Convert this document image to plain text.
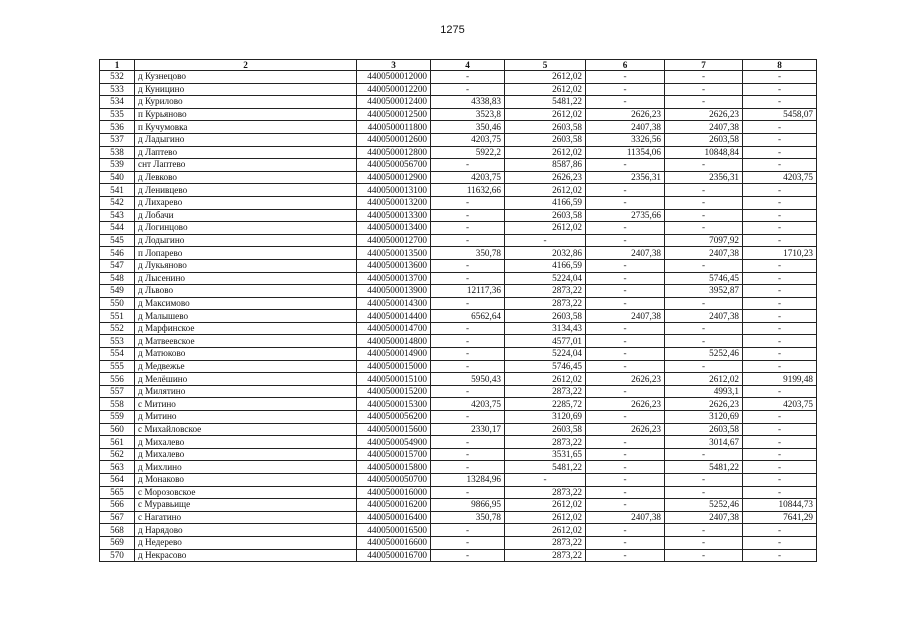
1275
1	2	3	4	5	6	7	8
532	д Кузнецово	4400500012000	-	2612,02	-	-	-
533	д Куницино	4400500012200	-	2612,02	-	-	-
534	д Курилово	4400500012400	4338,83	5481,22	-	-	-
535	п Курьяново	4400500012500	3523,8	2612,02	2626,23	2626,23	5458,07
536	п Кучумовка	4400500011800	350,46	2603,58	2407,38	2407,38	-
537	д Ладыгино	4400500012600	4203,75	2603,58	3326,56	2603,58	-
538	д Лаптево	4400500012800	5922,2	2612,02	11354,06	10848,84	-
539	снт Лаптево	4400500056700	-	8587,86	-	-	-
540	д Левково	4400500012900	4203,75	2626,23	2356,31	2356,31	4203,75
541	д Ленивцево	4400500013100	11632,66	2612,02	-	-	-
542	д Лихарево	4400500013200	-	4166,59	-	-	-
543	д Лобачи	4400500013300	-	2603,58	2735,66	-	-
544	д Логинцово	4400500013400	-	2612,02	-	-	-
545	д Лодыгино	4400500012700	-	-	-	7097,92	-
546	п Лопарево	4400500013500	350,78	2032,86	2407,38	2407,38	1710,23
547	д Лукьяново	4400500013600	-	4166,59	-	-	-
548	д Лысенино	4400500013700	-	5224,04	-	5746,45	-
549	д Львово	4400500013900	12117,36	2873,22	-	3952,87	-
550	д Максимово	4400500014300	-	2873,22	-	-	-
551	д Малышево	4400500014400	6562,64	2603,58	2407,38	2407,38	-
552	д Марфинское	4400500014700	-	3134,43	-	-	-
553	д Матвеевское	4400500014800	-	4577,01	-	-	-
554	д Матюково	4400500014900	-	5224,04	-	5252,46	-
555	д Медвежье	4400500015000	-	5746,45	-	-	-
556	д Мелёшино	4400500015100	5950,43	2612,02	2626,23	2612,02	9199,48
557	д Милятино	4400500015200	-	2873,22	-	4993,1	-
558	с Митино	4400500015300	4203,75	2285,72	2626,23	2626,23	4203,75
559	д Митино	4400500056200	-	3120,69	-	3120,69	-
560	с Михайловское	4400500015600	2330,17	2603,58	2626,23	2603,58	-
561	д Михалево	4400500054900	-	2873,22	-	3014,67	-
562	д Михалево	4400500015700	-	3531,65	-	-	-
563	д Михлино	4400500015800	-	5481,22	-	5481,22	-
564	д Монаково	4400500050700	13284,96	-	-	-	-
565	с Морозовское	4400500016000	-	2873,22	-	-	-
566	с Муравьище	4400500016200	9866,95	2612,02	-	5252,46	10844,73
567	с Нагатино	4400500016400	350,78	2612,02	2407,38	2407,38	7641,29
568	д Нарядово	4400500016500	-	2612,02	-	-	-
569	д Недерево	4400500016600	-	2873,22	-	-	-
570	д Некрасово	4400500016700	-	2873,22	-	-	-
